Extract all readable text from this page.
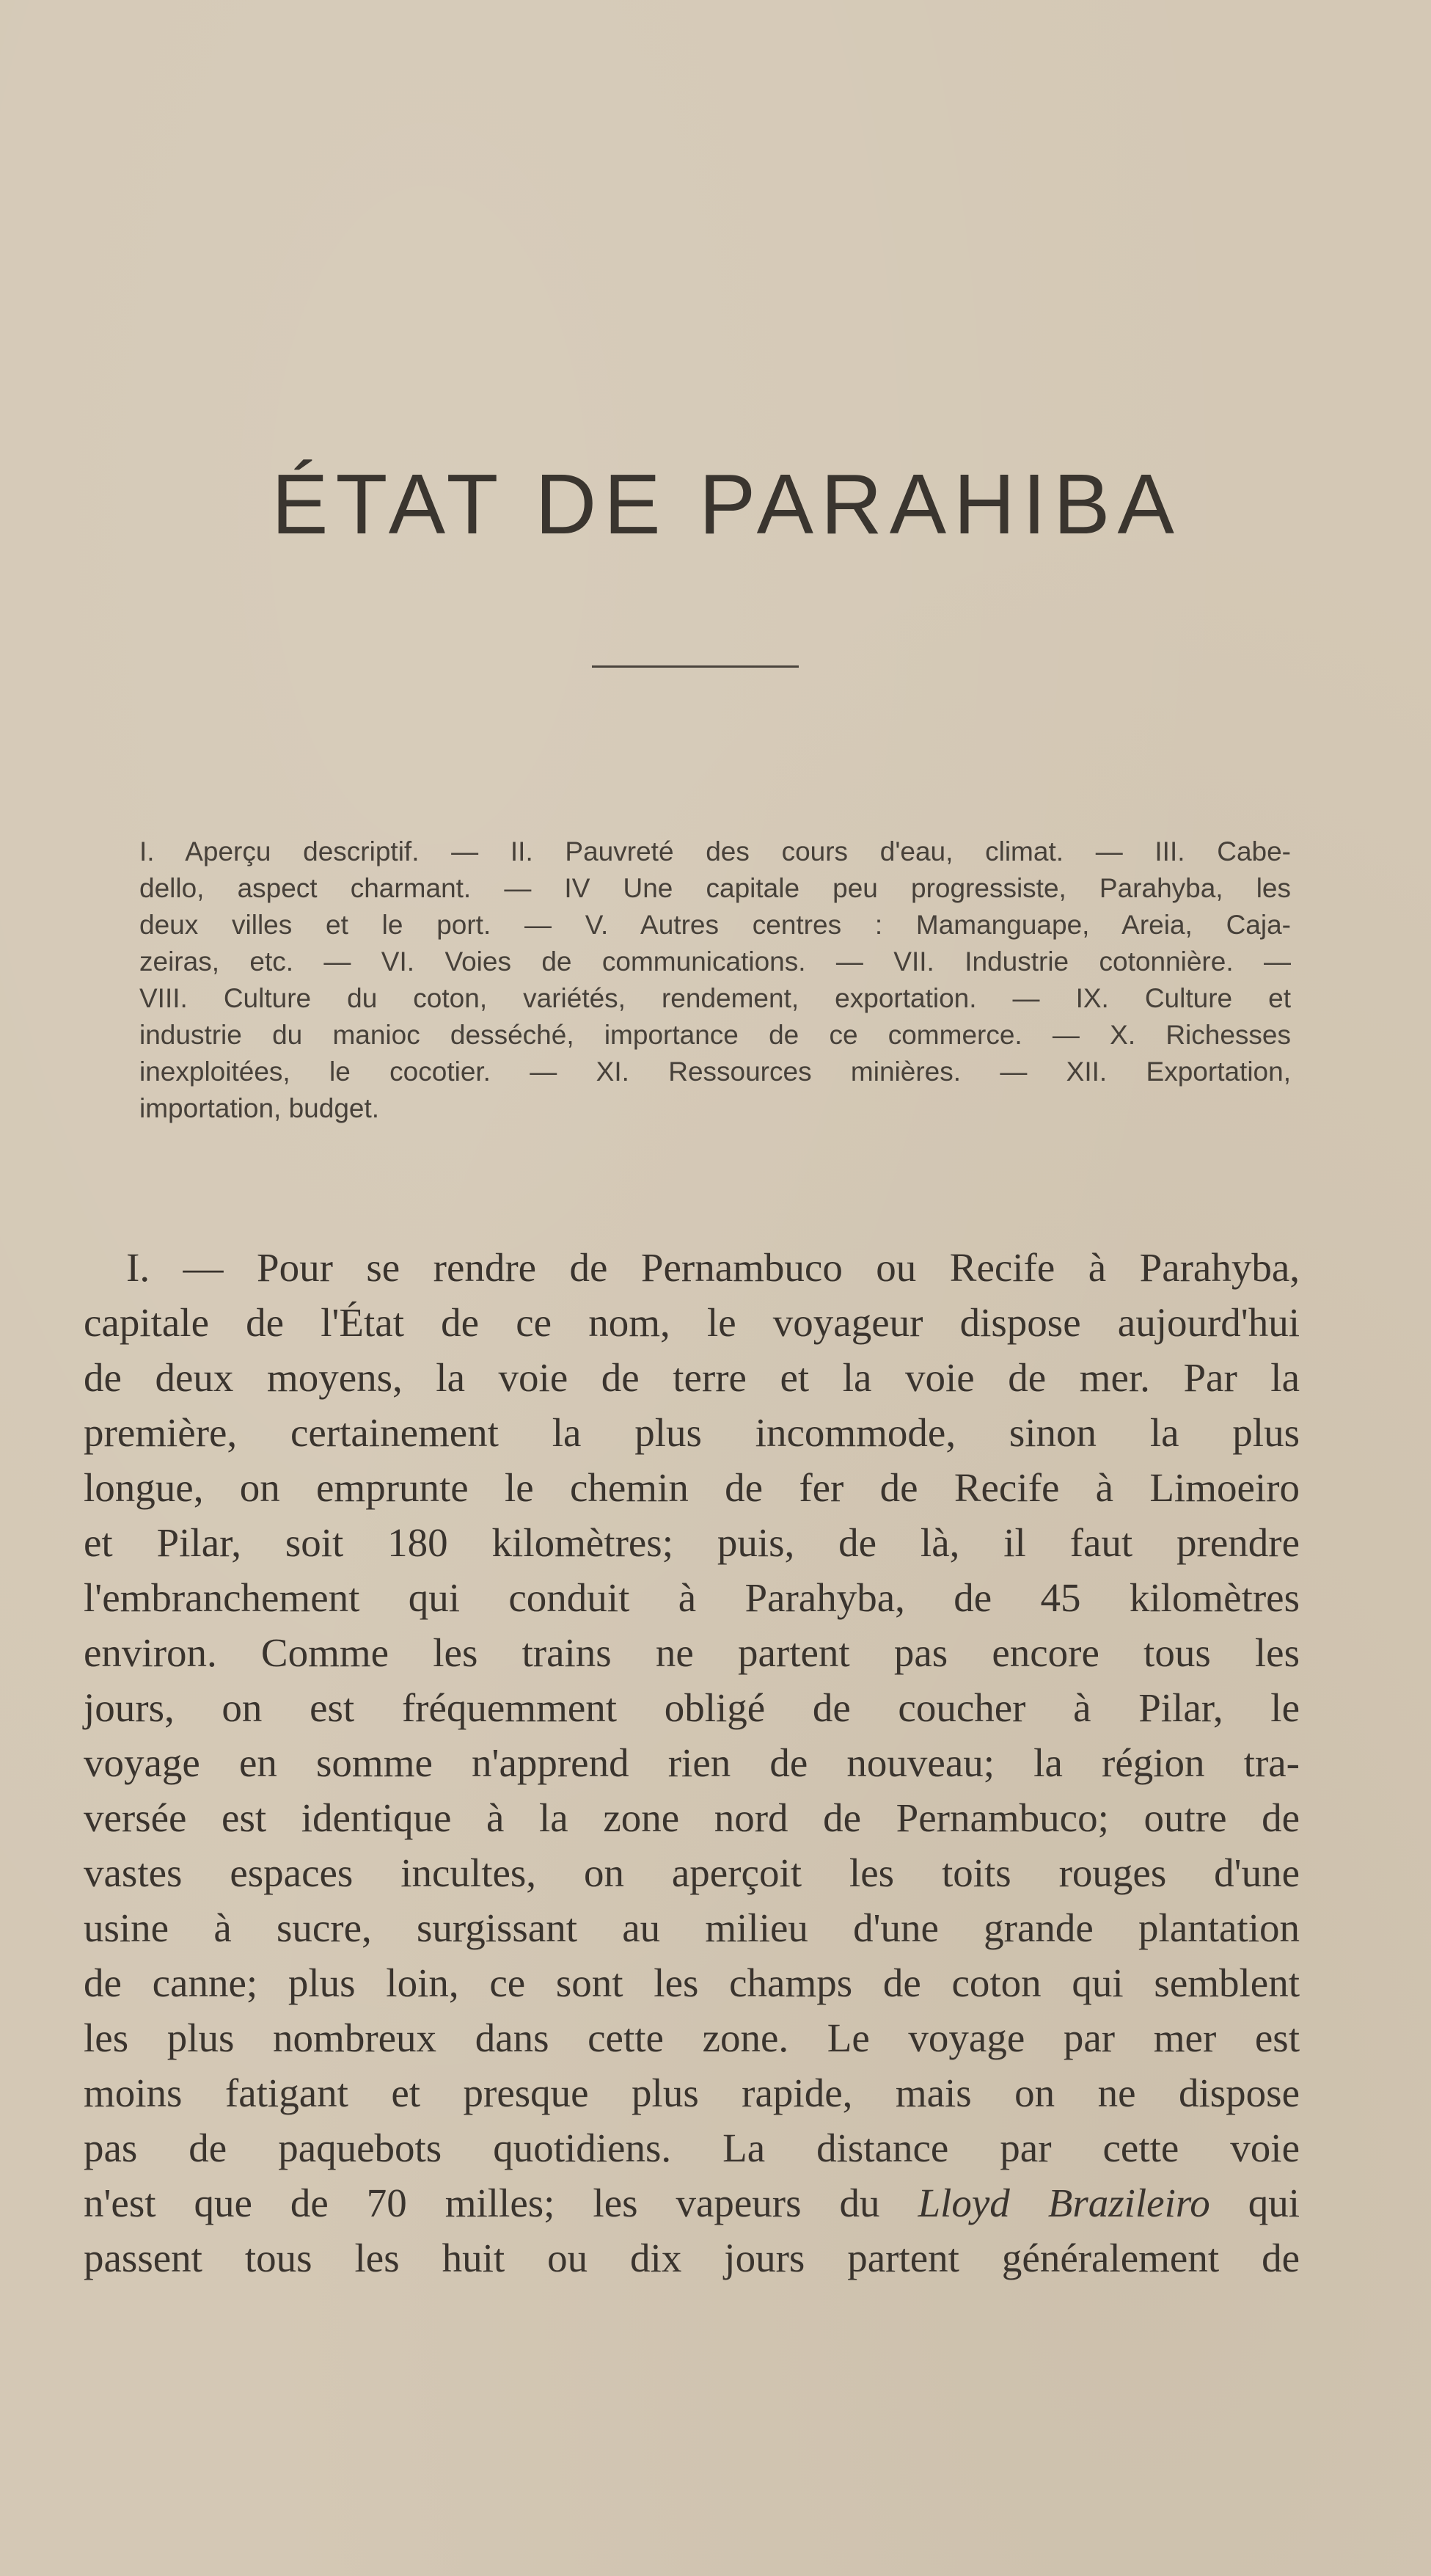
ÉTAT DE PARAHIBA
I. Aperçu descriptif. — II. Pauvreté des cours d'eau, climat. — III. Cabe-
dello, aspect charmant. — IV Une capitale peu progressiste, Parahyba, les
deux villes et le port. — V. Autres centres : Mamanguape, Areia, Caja-
zeiras, etc. — VI. Voies de communications. — VII. Industrie cotonnière. —
VIII. Culture du coton, variétés, rendement, exportation. — IX. Culture et
industrie du manioc desséché, importance de ce commerce. — X. Richesses
inexploitées, le cocotier. — XI. Ressources minières. — XII. Exportation,
importation, budget.
I. — Pour se rendre de Pernambuco ou Recife à Parahyba,
capitale de l'État de ce nom, le voyageur dispose aujourd'hui
de deux moyens, la voie de terre et la voie de mer. Par la
première, certainement la plus incommode, sinon la plus
longue, on emprunte le chemin de fer de Recife à Limoeiro
et Pilar, soit 180 kilomètres; puis, de là, il faut prendre
l'embranchement qui conduit à Parahyba, de 45 kilomètres
environ. Comme les trains ne partent pas encore tous les
jours, on est fréquemment obligé de coucher à Pilar, le
voyage en somme n'apprend rien de nouveau; la région tra-
versée est identique à la zone nord de Pernambuco; outre de
vastes espaces incultes, on aperçoit les toits rouges d'une
usine à sucre, surgissant au milieu d'une grande plantation
de canne; plus loin, ce sont les champs de coton qui semblent
les plus nombreux dans cette zone. Le voyage par mer est
moins fatigant et presque plus rapide, mais on ne dispose
pas de paquebots quotidiens. La distance par cette voie
n'est que de 70 milles; les vapeurs du Lloyd Brazileiro qui
passent tous les huit ou dix jours partent généralement de
